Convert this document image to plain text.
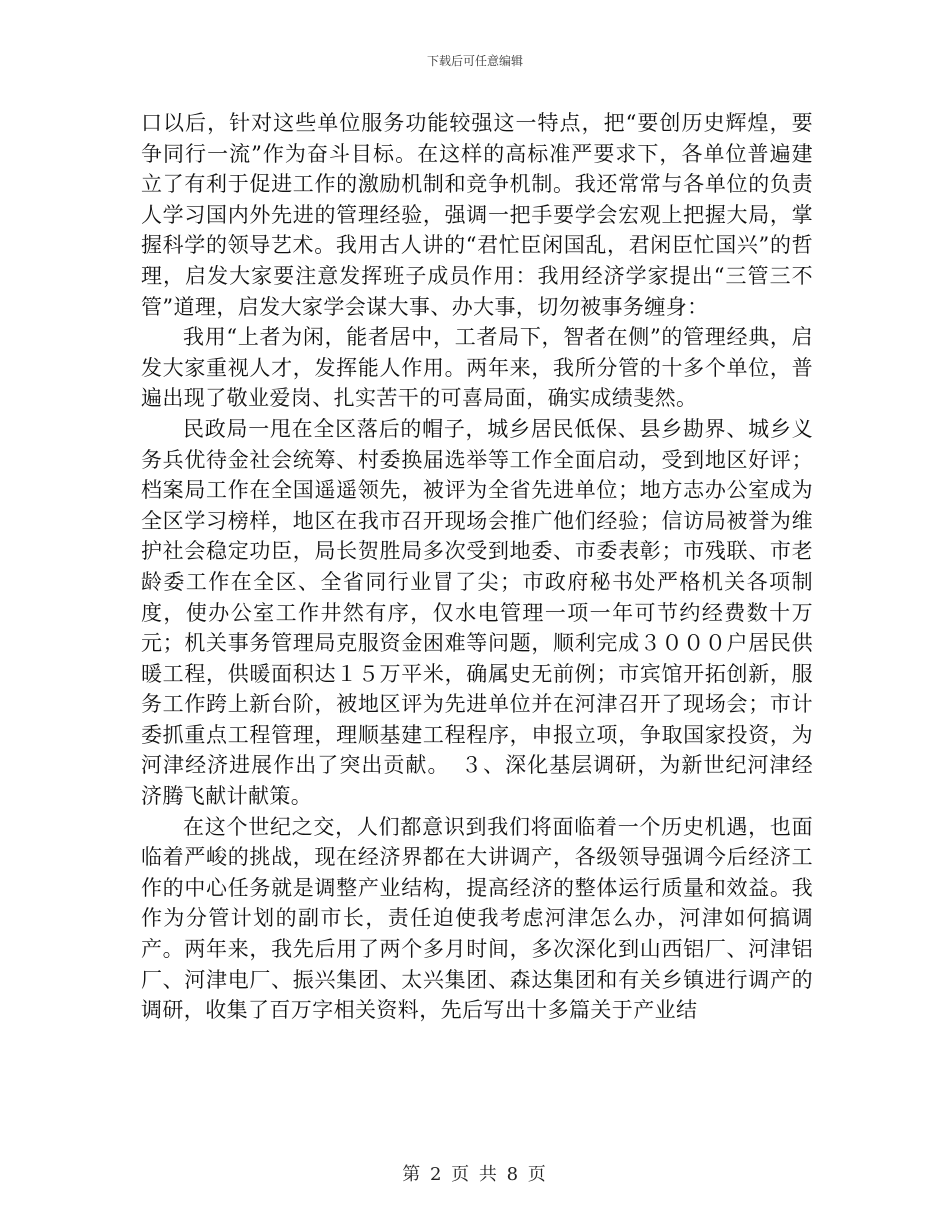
下载后可任意编辑

口以后，针对这些单位服务功能较强这一特点，把“要创历史辉煌，要争同行一流”作为奋斗目标。在这样的高标准严要求下，各单位普遍建立了有利于促进工作的激励机制和竞争机制。我还常常与各单位的负责人学习国内外先进的管理经验，强调一把手要学会宏观上把握大局，掌握科学的领导艺术。我用古人讲的“君忙臣闲国乱，君闲臣忙国兴”的哲理，启发大家要注意发挥班子成员作用：我用经济学家提出“三管三不管”道理，启发大家学会谋大事、办大事，切勿被事务缠身：

我用“上者为闲，能者居中，工者局下，智者在侧”的管理经典，启发大家重视人才，发挥能人作用。两年来，我所分管的十多个单位，普遍出现了敬业爱岗、扎实苦干的可喜局面，确实成绩斐然。

民政局一甩在全区落后的帽子，城乡居民低保、县乡勘界、城乡义务兵优待金社会统筹、村委换届选举等工作全面启动，受到地区好评；档案局工作在全国遥遥领先，被评为全省先进单位；地方志办公室成为全区学习榜样，地区在我市召开现场会推广他们经验；信访局被誉为维护社会稳定功臣，局长贺胜局多次受到地委、市委表彰；市残联、市老龄委工作在全区、全省同行业冒了尖；市政府秘书处严格机关各项制度，使办公室工作井然有序，仅水电管理一项一年可节约经费数十万元；机关事务管理局克服资金困难等问题，顺利完成３０００户居民供暖工程，供暖面积达１５万平米，确属史无前例；市宾馆开拓创新，服务工作跨上新台阶，被地区评为先进单位并在河津召开了现场会；市计委抓重点工程管理，理顺基建工程程序，申报立项，争取国家投资，为河津经济进展作出了突出贡献。　３、深化基层调研，为新世纪河津经济腾飞献计献策。

在这个世纪之交，人们都意识到我们将面临着一个历史机遇，也面临着严峻的挑战，现在经济界都在大讲调产，各级领导强调今后经济工作的中心任务就是调整产业结构，提高经济的整体运行质量和效益。我作为分管计划的副市长，责任迫使我考虑河津怎么办，河津如何搞调产。两年来，我先后用了两个多月时间，多次深化到山西铝厂、河津铝厂、河津电厂、振兴集团、太兴集团、森达集团和有关乡镇进行调产的调研，收集了百万字相关资料，先后写出十多篇关于产业结

第 2 页 共 8 页
